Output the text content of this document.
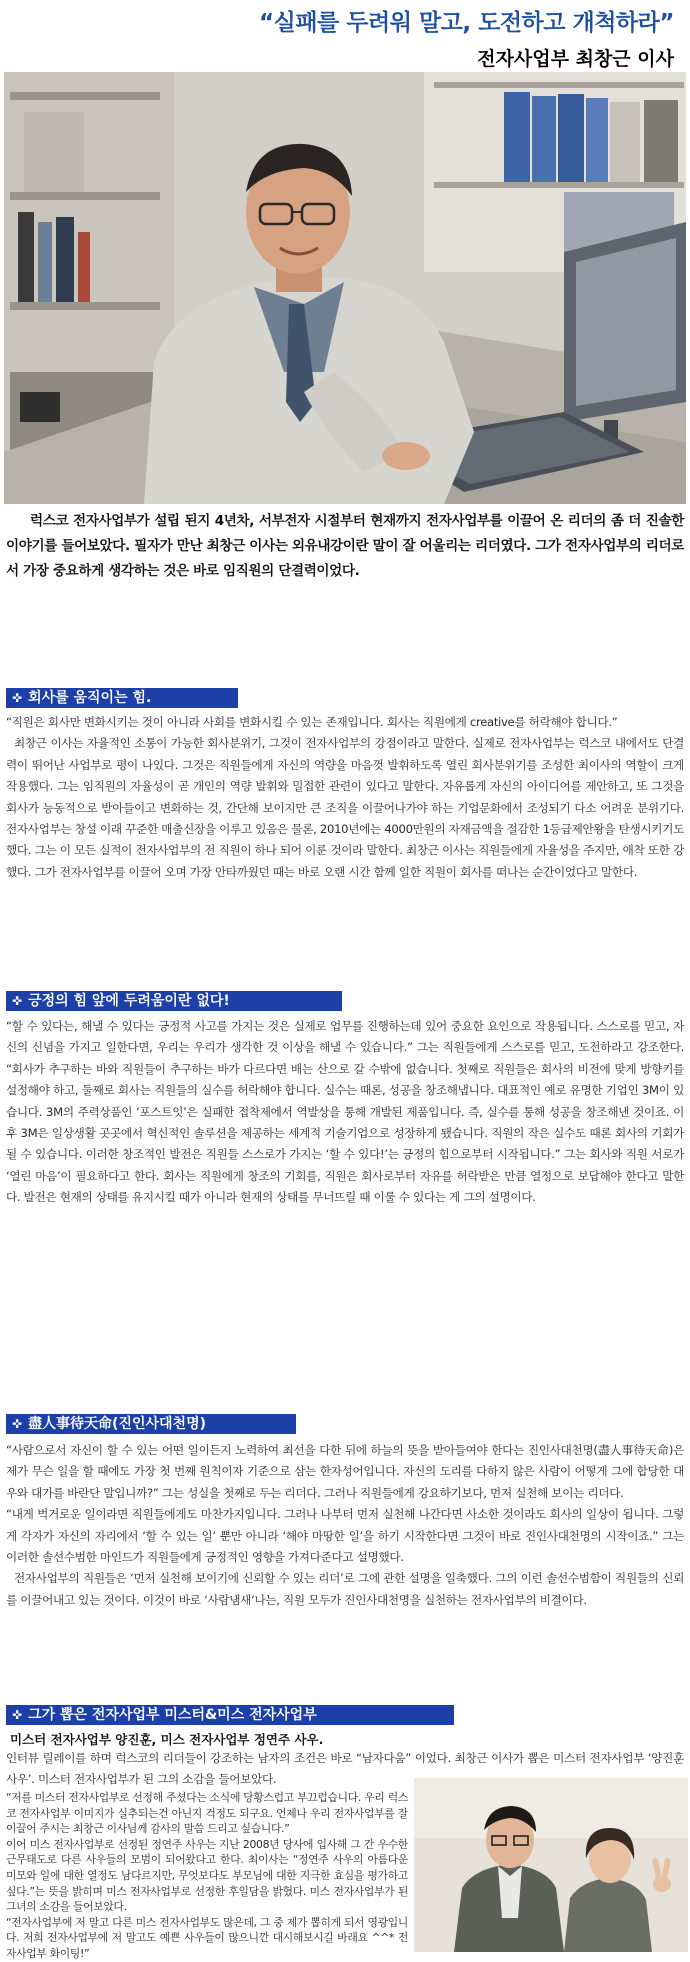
“실패를 두려워 말고, 도전하고 개척하라”
전자사업부 최창근 이사
럭스코 전자사업부가 설립 된지 4년차, 서부전자 시절부터 현재까지 전자사업부를 이끌어 온 리더의 좀 더 진솔한 이야기를 들어보았다. 필자가 만난 최창근 이사는 외유내강이란 말이 잘 어울리는 리더였다. 그가 전자사업부의 리더로서 가장 중요하게 생각하는 것은 바로 임직원의 단결력이었다.
✜ 회사를 움직이는 힘.

“직원은 회사만 변화시키는 것이 아니라 사회를 변화시킬 수 있는 존재입니다. 회사는 직원에게 creative를 허락해야 합니다.”

최창근 이사는 자율적인 소통이 가능한 회사분위기, 그것이 전자사업부의 강점이라고 말한다. 실제로 전자사업부는 럭스코 내에서도 단결력이 뛰어난 사업부로 평이 나있다. 그것은 직원들에게 자신의 역량을 마음껏 발휘하도록 열린 회사분위기를 조성한 최이사의 역할이 크게 작용했다. 그는 임직원의 자율성이 곧 개인의 역량 발휘와 밀접한 관련이 있다고 말한다. 자유롭게 자신의 아이디어를 제안하고, 또 그것을 회사가 능동적으로 받아들이고 변화하는 것, 간단해 보이지만 큰 조직을 이끌어나가야 하는 기업문화에서 조성되기 다소 어려운 분위기다. 전자사업부는 창설 이래 꾸준한 매출신장을 이루고 있음은 물론, 2010년에는 4000만원의 자재금액을 절감한 1등급제안왕을 탄생시키기도 했다. 그는 이 모든 실적이 전자사업부의 전 직원이 하나 되어 이룬 것이라 말한다. 최창근 이사는 직원들에게 자율성을 주지만, 애착 또한 강했다. 그가 전자사업부를 이끌어 오며 가장 안타까웠던 때는 바로 오랜 시간 함께 일한 직원이 회사를 떠나는 순간이었다고 말한다.

✜ 긍정의 힘 앞에 두려움이란 없다!

“할 수 있다는, 해낼 수 있다는 긍정적 사고를 가지는 것은 실제로 업무를 진행하는데 있어 중요한 요인으로 작용됩니다. 스스로를 믿고, 자신의 신념을 가지고 일한다면, 우리는 우리가 생각한 것 이상을 해낼 수 있습니다.” 그는 직원들에게 스스로를 믿고, 도전하라고 강조한다. “회사가 추구하는 바와 직원들이 추구하는 바가 다르다면 배는 산으로 갈 수밖에 없습니다. 첫째로 직원들은 회사의 비전에 맞게 방향키를 설정해야 하고, 둘째로 회사는 직원들의 실수를 허락해야 합니다. 실수는 때론, 성공을 창조해냅니다. 대표적인 예로 유명한 기업인 3M이 있습니다. 3M의 주력상품인 ‘포스트잇’은 실패한 접착제에서 역발상을 통해 개발된 제품입니다. 즉, 실수를 통해 성공을 창조해낸 것이죠. 이후 3M은 일상생활 곳곳에서 혁신적인 솔루션을 제공하는 세계적 기술기업으로 성장하게 됐습니다. 직원의 작은 실수도 때론 회사의 기회가 될 수 있습니다. 이러한 창조적인 발전은 직원들 스스로가 가지는 ‘할 수 있다!’는 긍정의 힘으로부터 시작됩니다.” 그는 회사와 직원 서로가 ‘열린 마음’이 필요하다고 한다. 회사는 직원에게 창조의 기회를, 직원은 회사로부터 자유를 허락받은 만큼 열정으로 보답해야 한다고 말한다. 발전은 현재의 상태를 유지시킬 때가 아니라 현재의 상태를 무너뜨릴 때 이룰 수 있다는 게 그의 설명이다.

✜ 盡人事待天命(진인사대천명)

“사람으로서 자신이 할 수 있는 어떤 일이든지 노력하여 최선을 다한 뒤에 하늘의 뜻을 받아들여야 한다는 진인사대천명(盡人事待天命)은 제가 무슨 일을 할 때에도 가장 첫 번째 원칙이자 기준으로 삼는 한자성어입니다. 자신의 도리를 다하지 않은 사람이 어떻게 그에 합당한 대우와 대가를 바란단 말입니까?” 그는 성실을 첫째로 두는 리더다. 그러나 직원들에게 강요하기보다, 먼저 실천해 보이는 리더다.

“내게 벅거로운 일이라면 직원들에게도 마찬가지입니다. 그러나 나부터 먼저 실천해 나간다면 사소한 것이라도 회사의 일상이 됩니다. 그렇게 각자가 자신의 자리에서 ‘할 수 있는 일’ 뿐만 아니라 ‘해야 마땅한 일’을 하기 시작한다면 그것이 바로 진인사대천명의 시작이죠.” 그는 이러한 솔선수범한 마인드가 직원들에게 긍정적인 영향을 가져다준다고 설명했다.

전자사업부의 직원들은 ‘먼저 실천해 보이기에 신뢰할 수 있는 리더’로 그에 관한 설명을 일축했다. 그의 이런 솔선수범함이 직원들의 신뢰를 이끌어내고 있는 것이다. 이것이 바로 ‘사람냄새’나는, 직원 모두가 진인사대천명을 실천하는 전자사업부의 비결이다.

✜ 그가 뽑은 전자사업부 미스터&미스 전자사업부
미스터 전자사업부 양진훈, 미스 전자사업부 정연주 사우.

인터뷰 릴레이를 하며 럭스코의 리더들이 강조하는 남자의 조건은 바로 “남자다움” 이었다. 최창근 이사가 뽑은 미스터 전자사업부 ‘양진훈 사우’. 미스터 전자사업부가 된 그의 소감을 들어보았다.

“저를 미스터 전자사업부로 선정해 주셨다는 소식에 당황스럽고 부끄럽습니다. 우리 럭스코 전자사업부 이미지가 실추되는건 아닌지 걱정도 되구요. 언제나 우리 전자사업부를 잘 이끌어 주시는 최창근 이사님께 감사의 말씀 드리고 싶습니다.”

이어 미스 전자사업부로 선정된 정연주 사우는 지난 2008년 당사에 입사해 그 간 우수한 근무태도로 다른 사우들의 모범이 되어왔다고 한다. 최이사는 “정연주 사우의 아름다운 미모와 일에 대한 열정도 남다르지만, 무엇보다도 부모님에 대한 지극한 효심을 평가하고 싶다.”는 뜻을 밝히며 미스 전자사업부로 선정한 후일담을 밝혔다. 미스 전자사업부가 된 그녀의 소감을 들어보았다.

“전자사업부에 저 말고 다른 미스 전자사업부도 많은데, 그 중 제가 뽑히게 되서 영광입니다. 저희 전자사업부에 저 말고도 예쁜 사우들이 많으니깐 대시해보시길 바래요 ^^* 전자사업부 화이팅!”
